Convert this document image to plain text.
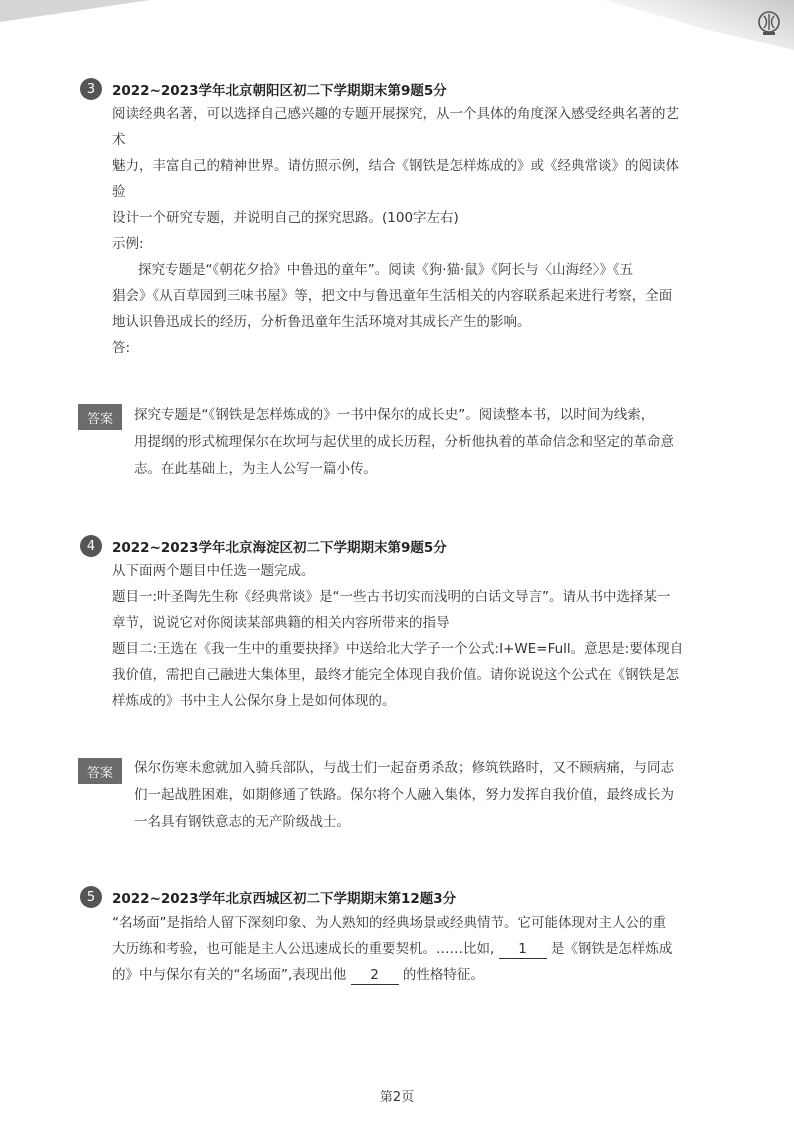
3	2022~2023学年北京朝阳区初二下学期期末第9题5分

阅读经典名著，可以选择自己感兴趣的专题开展探究，从一个具体的角度深入感受经典名著的艺

术

魅力，丰富自己的精神世界。请仿照示例，结合《钢铁是怎样炼成的》或《经典常谈》的阅读体

验

设计一个研究专题，并说明自己的探究思路。(100字左右)

示例:

探究专题是“《朝花夕拾》中鲁迅的童年”。阅读《狗·猫·鼠》《阿长与〈山海经〉》《五

猖会》《从百草园到三味书屋》等，把文中与鲁迅童年生活相关的内容联系起来进行考察，全面

地认识鲁迅成长的经历，分析鲁迅童年生活环境对其成长产生的影响。

答:

答案	探究专题是“《钢铁是怎样炼成的》一书中保尔的成长史”。阅读整本书，以时间为线索，
用提纲的形式梳理保尔在坎坷与起伏里的成长历程，分析他执着的革命信念和坚定的革命意
志。在此基础上，为主人公写一篇小传。
4	2022~2023学年北京海淀区初二下学期期末第9题5分

从下面两个题目中任选一题完成。

题目一:叶圣陶先生称《经典常谈》是“一些古书切实而浅明的白话文导言”。请从书中选择某一

章节，说说它对你阅读某部典籍的相关内容所带来的指导

题目二:王选在《我一生中的重要抉择》中送给北大学子一个公式:I+WE=Full。意思是:要体现自

我价值，需把自己融进大集体里，最终才能完全体现自我价值。请你说说这个公式在《钢铁是怎

样炼成的》书中主人公保尔身上是如何体现的。

答案	保尔伤寒未愈就加入骑兵部队，与战士们一起奋勇杀敌；修筑铁路时，又不顾病痛，与同志
们一起战胜困难，如期修通了铁路。保尔将个人融入集体，努力发挥自我价值，最终成长为
一名具有钢铁意志的无产阶级战士。
5	2022~2023学年北京西城区初二下学期期末第12题3分

“名场面”是指给人留下深刻印象、为人熟知的经典场景或经典情节。它可能体现对主人公的重

大历练和考验，也可能是主人公迅速成长的重要契机。……比如, 1 是《钢铁是怎样炼成

的》中与保尔有关的“名场面”,表现出他 2 的性格特征。

第2页
